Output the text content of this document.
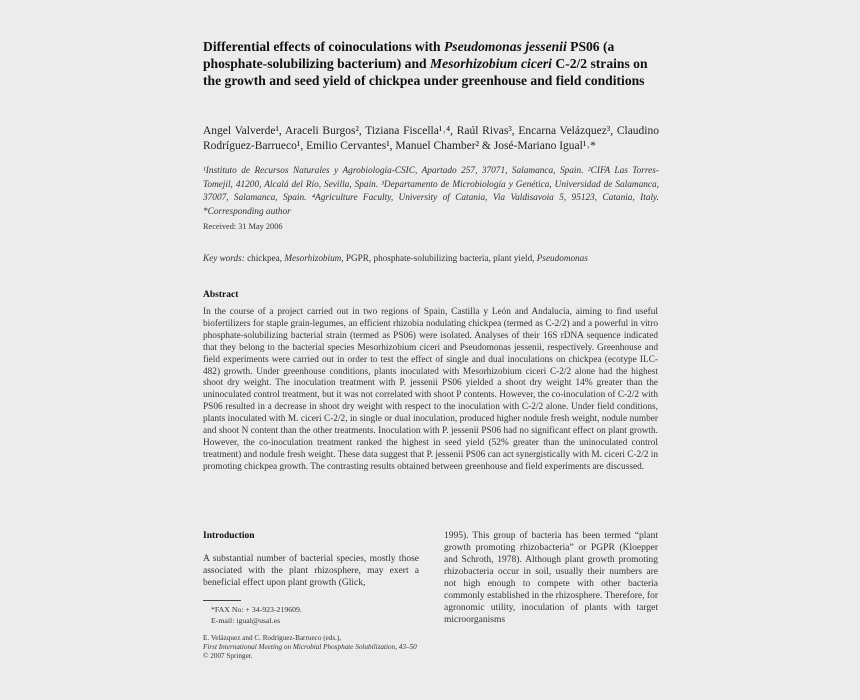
Differential effects of coinoculations with Pseudomonas jessenii PS06 (a phosphate-solubilizing bacterium) and Mesorhizobium ciceri C-2/2 strains on the growth and seed yield of chickpea under greenhouse and field conditions
Angel Valverde¹, Araceli Burgos², Tiziana Fiscella¹˒⁴, Raúl Rivas³, Encarna Velázquez³, Claudino Rodríguez-Barrueco¹, Emilio Cervantes¹, Manuel Chamber² & José-Mariano Igual¹˒*
¹Instituto de Recursos Naturales y Agrobiología-CSIC, Apartado 257, 37071, Salamanca, Spain. ²CIFA Las Torres-Tomejil, 41200, Alcalá del Río, Sevilla, Spain. ³Departamento de Microbiología y Genética, Universidad de Salamanca, 37007, Salamanca, Spain. ⁴Agriculture Faculty, University of Catania, Via Valdisavoia 5, 95123, Catania, Italy. *Corresponding author
Received: 31 May 2006
Key words: chickpea, Mesorhizobium, PGPR, phosphate-solubilizing bacteria, plant yield, Pseudomonas
Abstract
In the course of a project carried out in two regions of Spain, Castilla y León and Andalucía, aiming to find useful biofertilizers for staple grain-legumes, an efficient rhizobia nodulating chickpea (termed as C-2/2) and a powerful in vitro phosphate-solubilizing bacterial strain (termed as PS06) were isolated. Analyses of their 16S rDNA sequence indicated that they belong to the bacterial species Mesorhizobium ciceri and Pseudomonas jessenii, respectively. Greenhouse and field experiments were carried out in order to test the effect of single and dual inoculations on chickpea (ecotype ILC-482) growth. Under greenhouse conditions, plants inoculated with Mesorhizobium ciceri C-2/2 alone had the highest shoot dry weight. The inoculation treatment with P. jessenii PS06 yielded a shoot dry weight 14% greater than the uninoculated control treatment, but it was not correlated with shoot P contents. However, the co-inoculation of C-2/2 with PS06 resulted in a decrease in shoot dry weight with respect to the inoculation with C-2/2 alone. Under field conditions, plants inoculated with M. ciceri C-2/2, in single or dual inoculation, produced higher nodule fresh weight, nodule number and shoot N content than the other treatments. Inoculation with P. jessenii PS06 had no significant effect on plant growth. However, the co-inoculation treatment ranked the highest in seed yield (52% greater than the uninoculated control treatment) and nodule fresh weight. These data suggest that P. jessenii PS06 can act synergistically with M. ciceri C-2/2 in promoting chickpea growth. The contrasting results obtained between greenhouse and field experiments are discussed.
Introduction
A substantial number of bacterial species, mostly those associated with the plant rhizosphere, may exert a beneficial effect upon plant growth (Glick,
1995). This group of bacteria has been termed “plant growth promoting rhizobacteria” or PGPR (Kloepper and Schroth, 1978). Although plant growth promoting rhizobacteria occur in soil, usually their numbers are not high enough to compete with other bacteria commonly established in the rhizosphere. Therefore, for agronomic utility, inoculation of plants with target microorganisms
*FAX No: + 34-923-219609.
E-mail: igual@usal.es
E. Velázquez and C. Rodríguez-Barrueco (eds.),
First International Meeting on Microbial Phosphate Solubilization, 43–50
© 2007 Springer.
